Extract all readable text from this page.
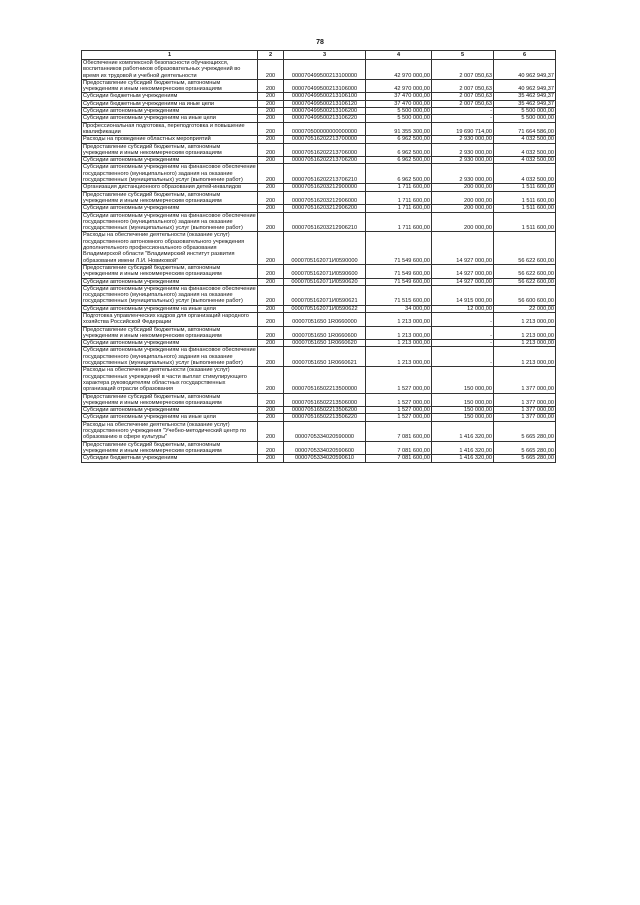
78
1	2	3	4	5	6
Обеспечение комплексной безопасности обучающихся, воспитанников работников образовательных учреждений во время их трудовой и учебной деятельности	200	000070499500213100000	42 970 000,00	2 007 050,63	40 962 949,37
Предоставление субсидий бюджетным, автономным учреждениям и иным некоммерческим организациям	200	000070499500213106000	42 970 000,00	2 007 050,63	40 962 949,37
Субсидии бюджетным учреждениям	200	000070499500213106100	37 470 000,00	2 007 050,63	35 462 949,37
Субсидии бюджетным учреждениям на иные цели	200	000070499500213106120	37 470 000,00	2 007 050,63	35 462 949,37
Субсидии автономным учреждениям	200	000070499500213106200	5 500 000,00	-	5 500 000,00
Субсидии автономным учреждениям на иные цели	200	000070499500213106220	5 500 000,00	-	5 500 000,00
Профессиональная подготовка, переподготовка и повышение квалификации	200	000070500000000000000	91 355 300,00	19 690 714,00	71 664 586,00
Расходы на проведение областных мероприятий	200	000070516202213700000	6 962 500,00	2 930 000,00	4 032 500,00
Предоставление субсидий бюджетным, автономным учреждениям и иным некоммерческим организациям	200	000070516202213706000	6 962 500,00	2 930 000,00	4 032 500,00
Субсидии автономным учреждениям	200	000070516202213706200	6 962 500,00	2 930 000,00	4 032 500,00
Субсидии автономным учреждениям на финансовое обеспечение государственного (муниципального) задания на оказание государственных (муниципальных) услуг (выполнение работ)	200	000070516202213706210	6 962 500,00	2 930 000,00	4 032 500,00
Организация дистанционного образования детей-инвалидов	200	000070516203212900000	1 711 600,00	200 000,00	1 511 600,00
Предоставление субсидий бюджетным, автономным учреждениям и иным некоммерческим организациям	200	000070516203212906000	1 711 600,00	200 000,00	1 511 600,00
Субсидии автономным учреждениям	200	000070516203212906200	1 711 600,00	200 000,00	1 511 600,00
Субсидии автономным учреждениям на финансовое обеспечение государственного (муниципального) задания на оказание государственных (муниципальных) услуг (выполнение работ)	200	000070516203212906210	1 711 600,00	200 000,00	1 511 600,00
Расходы на обеспечение деятельности (оказание услуг) государственного автономного образовательного учреждения дополнительного профессионального образования Владимирской области "Владимирский институт развития образования имени Л.И. Новиковой"	200	0000705162071И0590000	71 549 600,00	14 927 000,00	56 622 600,00
Предоставление субсидий бюджетным, автономным учреждениям и иным некоммерческим организациям	200	0000705162071И0590600	71 549 600,00	14 927 000,00	56 622 600,00
Субсидии автономным учреждениям	200	0000705162071И0590620	71 549 600,00	14 927 000,00	56 622 600,00
Субсидии автономным учреждениям на финансовое обеспечение государственного (муниципального) задания на оказание государственных (муниципальных) услуг (выполнение работ)	200	0000705162071И0590621	71 515 600,00	14 915 000,00	56 600 600,00
Субсидии автономным учреждениям на иные цели	200	0000705162071И0590622	34 000,00	12 000,00	22 000,00
Подготовка управленческих кадров для организаций народного хозяйства Российской Федерации	200	00007051650 1R0660000	1 213 000,00	-	1 213 000,00
Предоставление субсидий бюджетным, автономным учреждениям и иным некоммерческим организациям	200	00007051650 1R0660600	1 213 000,00	-	1 213 000,00
Субсидии автономным учреждениям	200	00007051650 1R0660620	1 213 000,00	-	1 213 000,00
Субсидии автономным учреждениям на финансовое обеспечение государственного (муниципального) задания на оказание государственных (муниципальных) услуг (выполнение работ)	200	00007051650 1R0660621	1 213 000,00	-	1 213 000,00
Расходы на обеспечение деятельности (оказание услуг) государственных учреждений в части выплат стимулирующего характера руководителям областных государственных организаций отрасли образования	200	000070516502213500000	1 527 000,00	150 000,00	1 377 000,00
Предоставление субсидий бюджетным, автономным учреждениям и иным некоммерческим организациям	200	000070516502213506000	1 527 000,00	150 000,00	1 377 000,00
Субсидии автономным учреждениям	200	000070516502213506200	1 527 000,00	150 000,00	1 377 000,00
Субсидии автономным учреждениям на иные цели	200	000070516502213506220	1 527 000,00	150 000,00	1 377 000,00
Расходы на обеспечение деятельности (оказание услуг) государственного учреждения "Учебно-методический центр по образованию в сфере культуры"	200	0000705334020590000	7 081 600,00	1 416 320,00	5 665 280,00
Предоставление субсидий бюджетным, автономным учреждениям и иным некоммерческим организациям	200	0000705334020590600	7 081 600,00	1 416 320,00	5 665 280,00
Субсидии бюджетным учреждениям	200	0000705334020590610	7 081 600,00	1 416 320,00	5 665 280,00
